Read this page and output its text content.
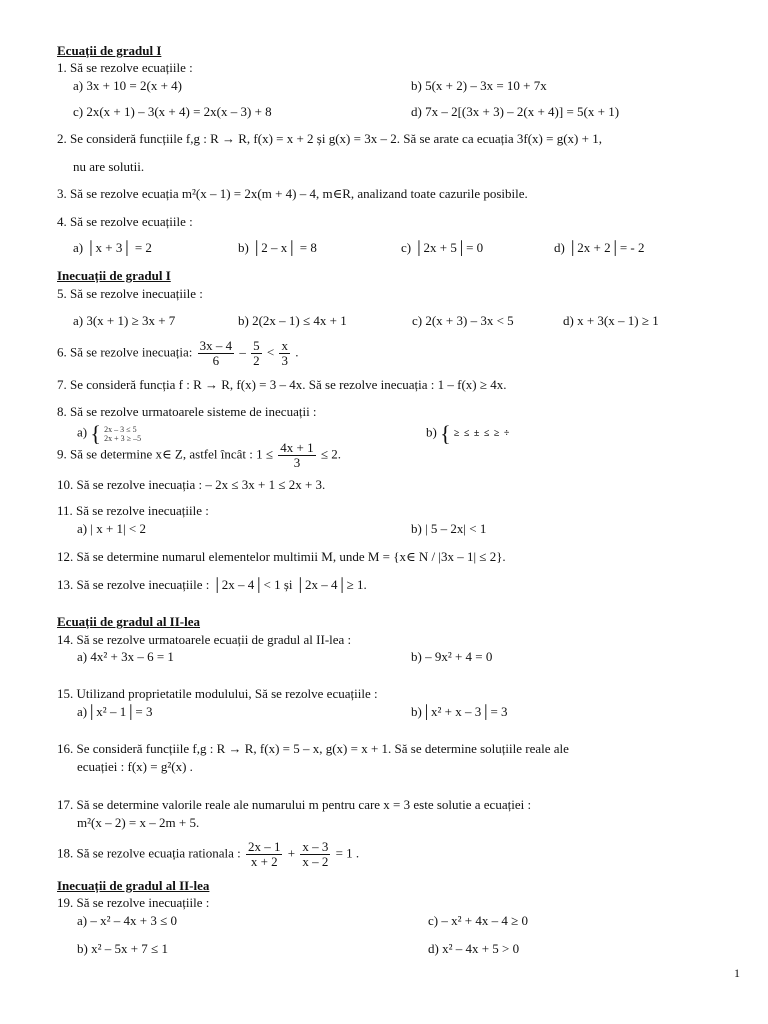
Ecuații de gradul I
1. Să se rezolve ecuațiile :
a) 3x + 10 = 2(x + 4)	b) 5(x + 2) – 3x = 10 + 7x
c) 2x(x + 1) – 3(x + 4) = 2x(x – 3) + 8	d) 7x – 2[(3x + 3) – 2(x + 4)] = 5(x + 1)
2. Se consideră funcțiile f,g : R → R, f(x) = x + 2 și g(x) = 3x – 2. Să se arate ca ecuația 3f(x) = g(x) + 1,
nu are solutii.
3. Să se rezolve ecuația m²(x – 1) = 2x(m + 4) – 4, m∈R, analizand toate cazurile posibile.
4. Să se rezolve ecuațiile :
a) │x + 3│ = 2	b) │2 – x│ = 8	c) │2x + 5│= 0	d) │2x + 2│= - 2
Inecuații de gradul I
5. Să se rezolve inecuațiile :
a) 3(x + 1) ≥ 3x + 7	b) 2(2x – 1) ≤ 4x + 1	c) 2(x + 3) – 3x < 5	d) x + 3(x – 1) ≥ 1
6. Să se rezolve inecuația: $\frac{3x - 4}{6} - \frac{5}{2} < \frac{x}{3}$ .
7. Se consideră funcția f : R → R, f(x) = 3 – 4x. Să se rezolve inecuația : 1 – f(x) ≥ 4x.
8. Să se rezolve urmatoarele sisteme de inecuații :
a) { 2x – 3 ≤ 5
2x + 3 ≥ –5	b) { ≥ ≤ ± ≤ ≥ ÷
9. Să se determine x∈ Z, astfel încât : $1 \le \frac{4x + 1}{3} \le 2$.
10. Să se rezolve inecuația : – 2x ≤ 3x + 1 ≤ 2x + 3.
11. Să se rezolve inecuațiile :
a) | x + 1| < 2	b) | 5 – 2x| < 1
12. Să se determine numarul elementelor multimii M, unde M = {x∈ N / |3x – 1| ≤ 2}.
13. Să se rezolve inecuațiile : │2x – 4│< 1 și │2x – 4│≥ 1.
Ecuații de gradul al II-lea
14. Să se rezolve urmatoarele ecuații de gradul al II-lea :
a) 4x² + 3x – 6 = 1	b) – 9x² + 4 = 0
15. Utilizand proprietatile modulului, Să se rezolve ecuațiile :
a)│x² – 1│= 3	b)│x² + x – 3│= 3
16. Se consideră funcțiile f,g : R → R, f(x) = 5 – x, g(x) = x + 1. Să se determine soluțiile reale ale
ecuației : f(x) = g²(x) .
17. Să se determine valorile reale ale numarului m pentru care x = 3 este solutie a ecuației :
m²(x – 2) = x – 2m + 5.
18. Să se rezolve ecuația rationala : $\frac{2x - 1}{x + 2} + \frac{x - 3}{x - 2} = 1$ .
Inecuații de gradul al II-lea
19. Să se rezolve inecuațiile :
a) – x² – 4x + 3 ≤ 0	c) – x² + 4x – 4 ≥ 0
b) x² – 5x + 7 ≤ 1	d) x² – 4x + 5 > 0
1
